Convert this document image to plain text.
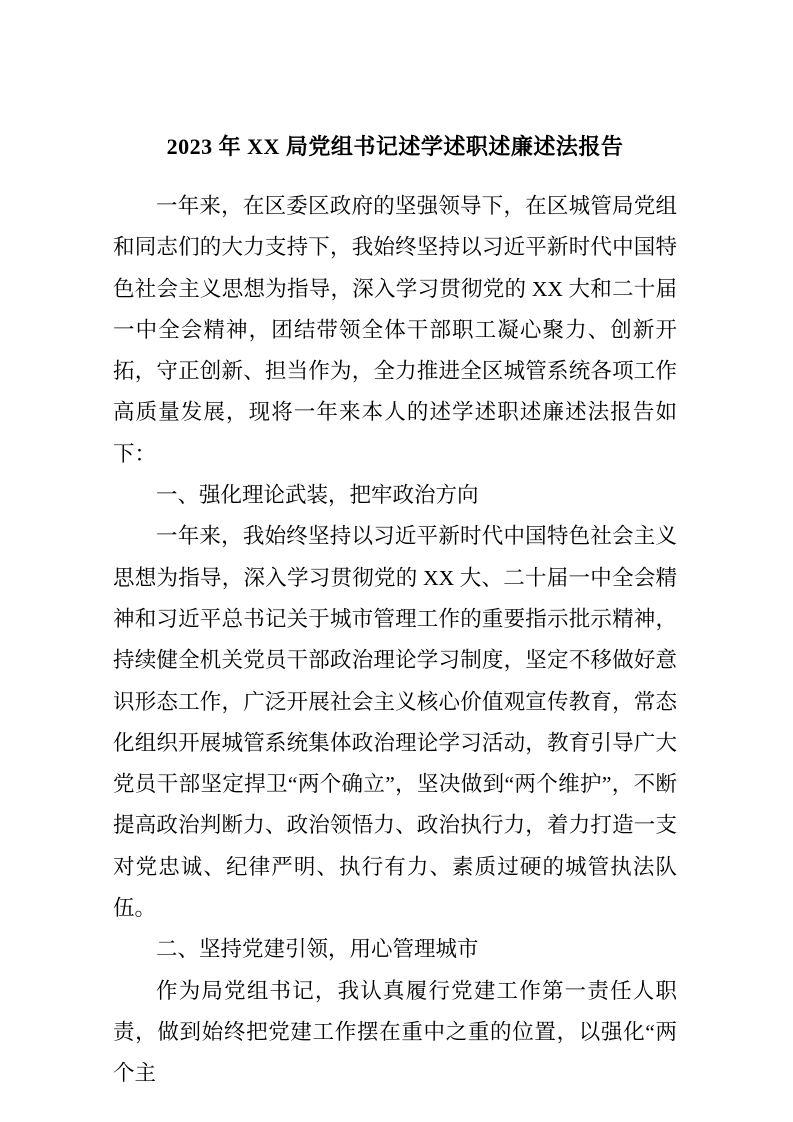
2023 年 XX 局党组书记述学述职述廉述法报告

一年来，在区委区政府的坚强领导下，在区城管局党组和同志们的大力支持下，我始终坚持以习近平新时代中国特色社会主义思想为指导，深入学习贯彻党的 XX 大和二十届一中全会精神，团结带领全体干部职工凝心聚力、创新开拓，守正创新、担当作为，全力推进全区城管系统各项工作高质量发展，现将一年来本人的述学述职述廉述法报告如下：

一、强化理论武装，把牢政治方向

一年来，我始终坚持以习近平新时代中国特色社会主义思想为指导，深入学习贯彻党的 XX 大、二十届一中全会精神和习近平总书记关于城市管理工作的重要指示批示精神，持续健全机关党员干部政治理论学习制度，坚定不移做好意识形态工作，广泛开展社会主义核心价值观宣传教育，常态化组织开展城管系统集体政治理论学习活动，教育引导广大党员干部坚定捍卫“两个确立”，坚决做到“两个维护”，不断提高政治判断力、政治领悟力、政治执行力，着力打造一支对党忠诚、纪律严明、执行有力、素质过硬的城管执法队伍。

二、坚持党建引领，用心管理城市

作为局党组书记，我认真履行党建工作第一责任人职责，做到始终把党建工作摆在重中之重的位置，以强化“两个主
